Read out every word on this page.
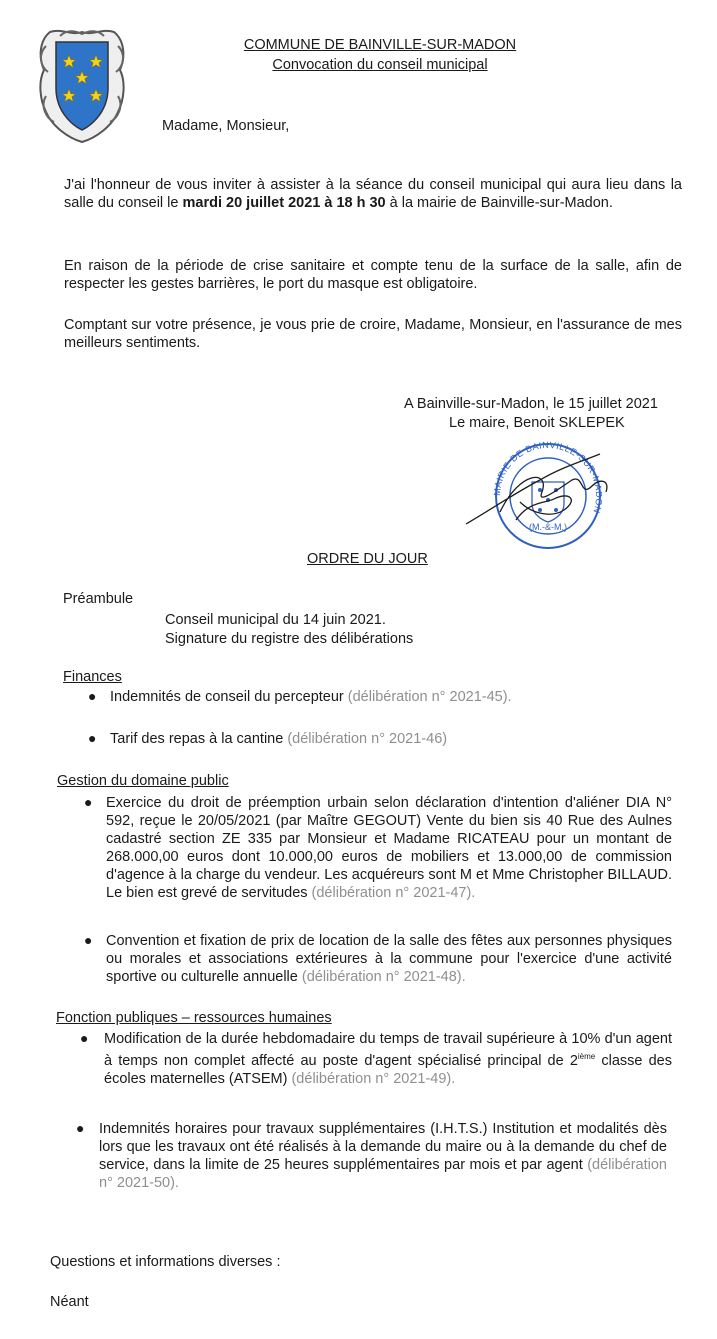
COMMUNE DE BAINVILLE-SUR-MADON
Convocation du conseil municipal
Madame, Monsieur,
J'ai l'honneur de vous inviter à assister à la séance du conseil municipal qui aura lieu dans la salle du conseil le mardi 20 juillet 2021 à 18 h 30 à la mairie de Bainville-sur-Madon.
En raison de la période de crise sanitaire et compte tenu de la surface de la salle, afin de respecter les gestes barrières, le port du masque est obligatoire.
Comptant sur votre présence, je vous prie de croire, Madame, Monsieur, en l'assurance de mes meilleurs sentiments.
A Bainville-sur-Madon, le 15 juillet 2021
Le maire, Benoit SKLEPEK
MAIRIE DE BAINVILLE-SUR-MADON
(M.-&-M.)
ORDRE DU JOUR
Préambule
Conseil municipal du 14 juin 2021.
Signature du registre des délibérations
Finances
● Indemnités de conseil du percepteur (délibération n° 2021-45).
● Tarif des repas à la cantine (délibération n° 2021-46)
Gestion du domaine public
● Exercice du droit de préemption urbain selon déclaration d'intention d'aliéner DIA N° 592, reçue le 20/05/2021 (par Maître GEGOUT) Vente du bien sis 40 Rue des Aulnes cadastré section ZE 335 par Monsieur et Madame RICATEAU pour un montant de 268.000,00 euros dont 10.000,00 euros de mobiliers et 13.000,00 de commission d'agence à la charge du vendeur. Les acquéreurs sont M et Mme Christopher BILLAUD. Le bien est grevé de servitudes (délibération n° 2021-47).
● Convention et fixation de prix de location de la salle des fêtes aux personnes physiques ou morales et associations extérieures à la commune pour l'exercice d'une activité sportive ou culturelle annuelle (délibération n° 2021-48).
Fonction publiques – ressources humaines
● Modification de la durée hebdomadaire du temps de travail supérieure à 10% d'un agent à temps non complet affecté au poste d'agent spécialisé principal de 2ième classe des écoles maternelles (ATSEM) (délibération n° 2021-49).
● Indemnités horaires pour travaux supplémentaires (I.H.T.S.) Institution et modalités dès lors que les travaux ont été réalisés à la demande du maire ou à la demande du chef de service, dans la limite de 25 heures supplémentaires par mois et par agent (délibération n° 2021-50).
Questions et informations diverses :
Néant
